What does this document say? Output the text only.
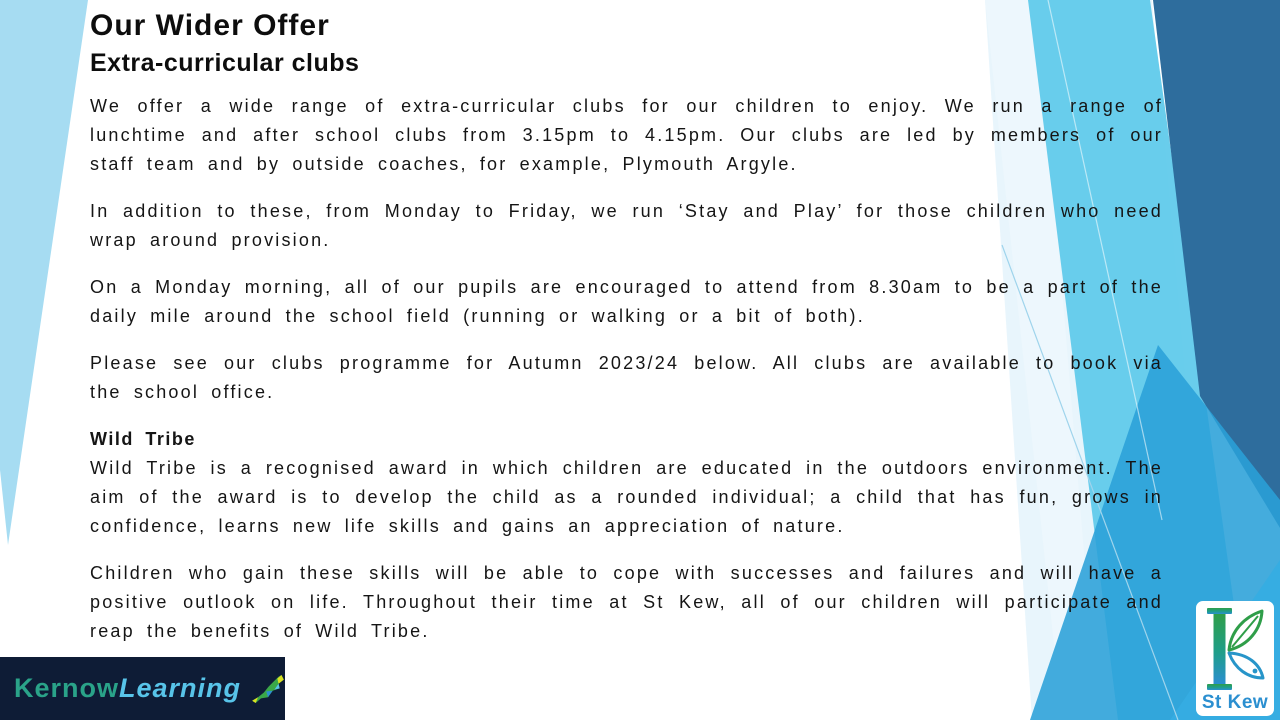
Our Wider Offer
Extra-curricular clubs

We offer a wide range of extra-curricular clubs for our children to enjoy. We run a range of lunchtime and after school clubs from 3.15pm to 4.15pm. Our clubs are led by members of our staff team and by outside coaches, for example, Plymouth Argyle.

In addition to these, from Monday to Friday, we run ‘Stay and Play’ for those children who need wrap around provision.

On a Monday morning, all of our pupils are encouraged to attend from 8.30am to be a part of the daily mile around the school field (running or walking or a bit of both).

Please see our clubs programme for Autumn 2023/24 below. All clubs are available to book via the school office.

Wild Tribe

Wild Tribe is a recognised award in which children are educated in the outdoors environment. The aim of the award is to develop the child as a rounded individual; a child that has fun, grows in confidence, learns new life skills and gains an appreciation of nature.

Children who gain these skills will be able to cope with successes and failures and will have a positive outlook on life. Throughout their time at St Kew, all of our children will participate and reap the benefits of Wild Tribe.

Kernow Learning	St Kew
